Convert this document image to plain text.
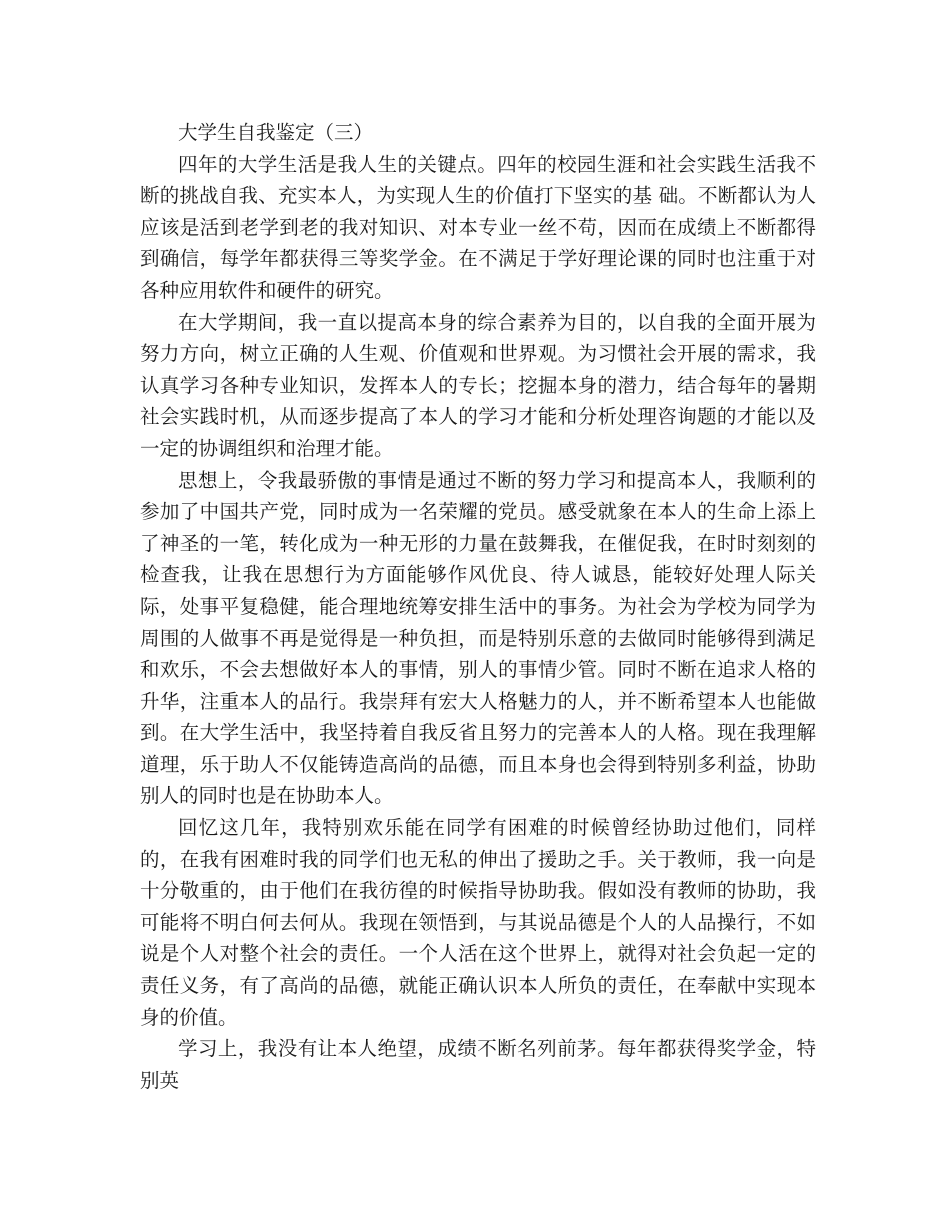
大学生自我鉴定（三）

四年的大学生活是我人生的关键点。四年的校园生涯和社会实践生活我不断的挑战自我、充实本人，为实现人生的价值打下坚实的基 础。不断都认为人应该是活到老学到老的我对知识、对本专业一丝不苟，因而在成绩上不断都得到确信，每学年都获得三等奖学金。在不满足于学好理论课的同时也注重于对各种应用软件和硬件的研究。

在大学期间，我一直以提高本身的综合素养为目的，以自我的全面开展为努力方向，树立正确的人生观、价值观和世界观。为习惯社会开展的需求，我认真学习各种专业知识，发挥本人的专长；挖掘本身的潜力，结合每年的暑期社会实践时机，从而逐步提高了本人的学习才能和分析处理咨询题的才能以及一定的协调组织和治理才能。

思想上，令我最骄傲的事情是通过不断的努力学习和提高本人，我顺利的参加了中国共产党，同时成为一名荣耀的党员。感受就象在本人的生命上添上了神圣的一笔，转化成为一种无形的力量在鼓舞我，在催促我，在时时刻刻的检查我，让我在思想行为方面能够作风优良、待人诚恳，能较好处理人际关际，处事平复稳健，能合理地统筹安排生活中的事务。为社会为学校为同学为周围的人做事不再是觉得是一种负担，而是特别乐意的去做同时能够得到满足和欢乐，不会去想做好本人的事情，别人的事情少管。同时不断在追求人格的升华，注重本人的品行。我崇拜有宏大人格魅力的人，并不断希望本人也能做到。在大学生活中，我坚持着自我反省且努力的完善本人的人格。现在我理解道理，乐于助人不仅能铸造高尚的品德，而且本身也会得到特别多利益，协助别人的同时也是在协助本人。

回忆这几年，我特别欢乐能在同学有困难的时候曾经协助过他们，同样的，在我有困难时我的同学们也无私的伸出了援助之手。关于教师，我一向是十分敬重的，由于他们在我彷徨的时候指导协助我。假如没有教师的协助，我可能将不明白何去何从。我现在领悟到，与其说品德是个人的人品操行，不如说是个人对整个社会的责任。一个人活在这个世界上，就得对社会负起一定的责任义务，有了高尚的品德，就能正确认识本人所负的责任，在奉献中实现本身的价值。

学习上，我没有让本人绝望，成绩不断名列前茅。每年都获得奖学金，特别英
